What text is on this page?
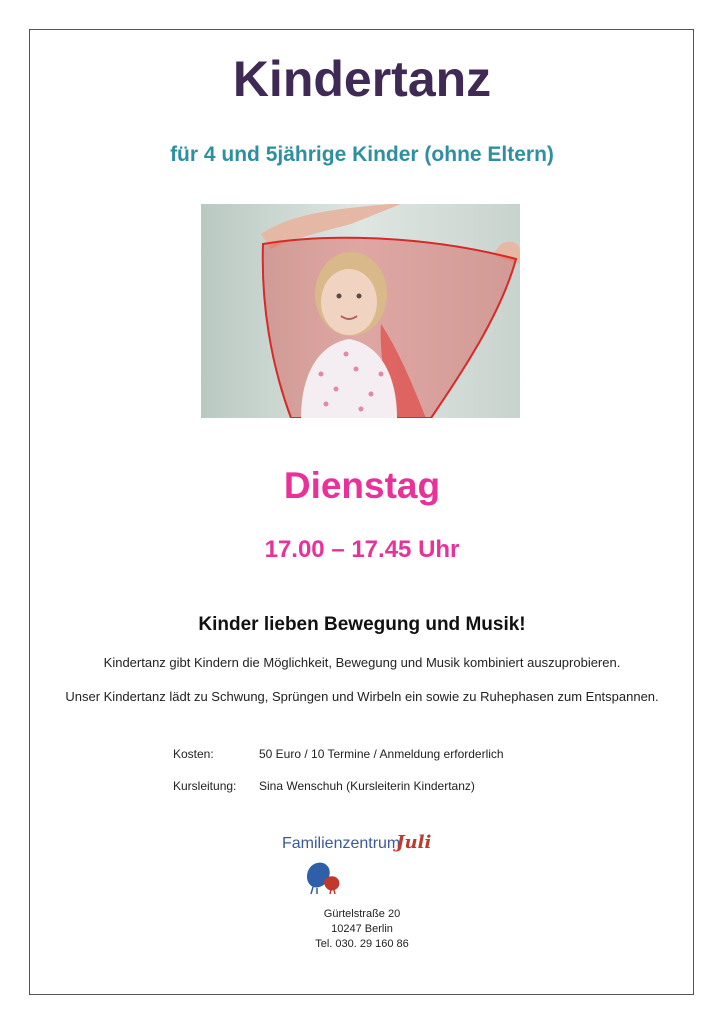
Kindertanz
für 4 und 5jährige Kinder (ohne Eltern)
Dienstag
17.00 – 17.45 Uhr
Kinder lieben Bewegung und Musik!
Kindertanz gibt Kindern die Möglichkeit, Bewegung und Musik kombiniert auszuprobieren.
Unser Kindertanz lädt zu Schwung, Sprüngen und Wirbeln ein sowie zu Ruhephasen zum Entspannen.
Kosten:	50 Euro / 10 Termine / Anmeldung erforderlich
Kursleitung: Sina Wenschuh (Kursleiterin Kindertanz)
Familienzentrum
Juli
Gürtelstraße 20
10247 Berlin
Tel. 030. 29 160 86
